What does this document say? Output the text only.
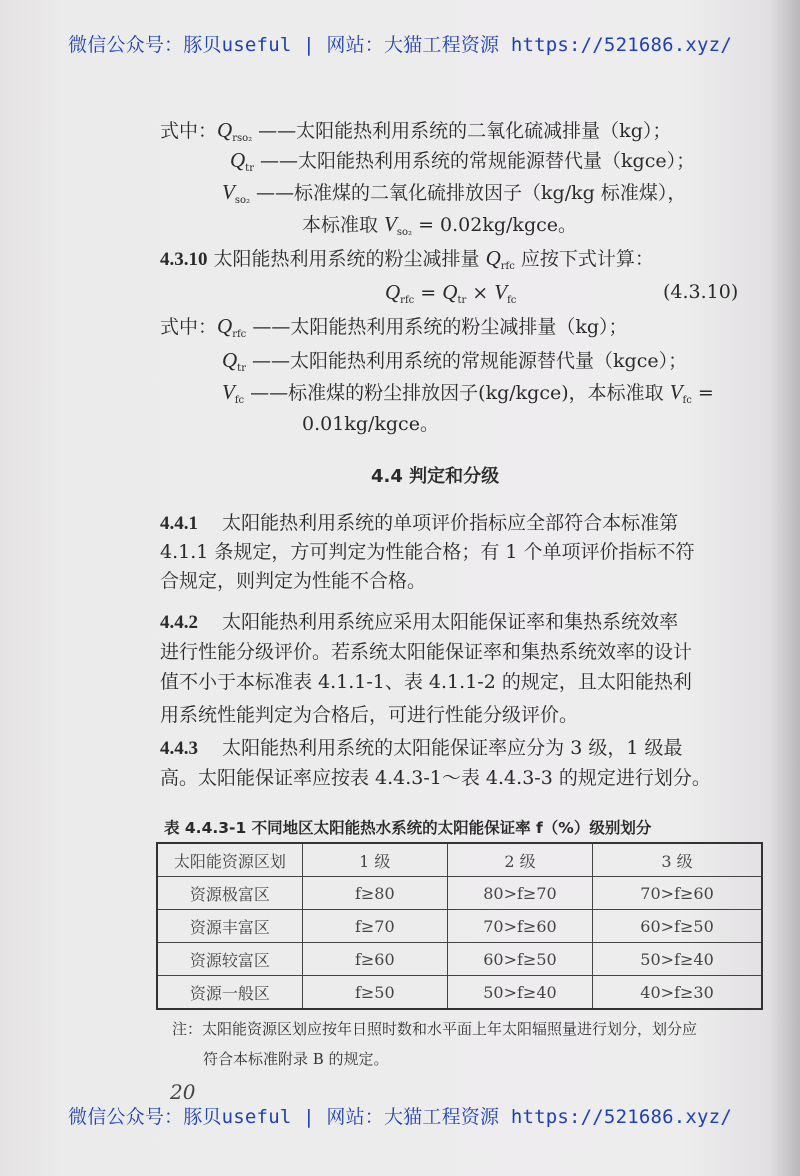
微信公众号：豚贝useful | 网站：大猫工程资源 https://521686.xyz/
式中：$Q_{rso_2}$ ——太阳能热利用系统的二氧化硫减排量（kg）；
$Q_{tr}$ ——太阳能热利用系统的常规能源替代量（kgce）；
$V_{so_2}$ ——标准煤的二氧化硫排放因子（kg/kg 标准煤），
本标准取 $V_{so_2}$ = 0.02kg/kgce。
4.3.10 太阳能热利用系统的粉尘减排量 $Q_{rfc}$ 应按下式计算：
$Q_{rfc} = Q_{tr} \times V_{fc}$	(4.3.10)
式中：$Q_{rfc}$ ——太阳能热利用系统的粉尘减排量（kg）；
$Q_{tr}$ ——太阳能热利用系统的常规能源替代量（kgce）；
$V_{fc}$ ——标准煤的粉尘排放因子(kg/kgce)，本标准取 $V_{fc}$ =
0.01kg/kgce。
4.4 判定和分级
4.4.1 太阳能热利用系统的单项评价指标应全部符合本标准第
4.1.1 条规定，方可判定为性能合格；有 1 个单项评价指标不符
合规定，则判定为性能不合格。
4.4.2 太阳能热利用系统应采用太阳能保证率和集热系统效率
进行性能分级评价。若系统太阳能保证率和集热系统效率的设计
值不小于本标准表 4.1.1-1、表 4.1.1-2 的规定，且太阳能热利
用系统性能判定为合格后，可进行性能分级评价。
4.4.3 太阳能热利用系统的太阳能保证率应分为 3 级，1 级最
高。太阳能保证率应按表 4.4.3-1～表 4.4.3-3 的规定进行划分。
表 4.4.3-1 不同地区太阳能热水系统的太阳能保证率 f（%）级别划分
太阳能资源区划	1 级	2 级	3 级
资源极富区	f≥80	80>f≥70	70>f≥60
资源丰富区	f≥70	70>f≥60	60>f≥50
资源较富区	f≥60	60>f≥50	50>f≥40
资源一般区	f≥50	50>f≥40	40>f≥30
注：太阳能资源区划应按年日照时数和水平面上年太阳辐照量进行划分，划分应
符合本标准附录 B 的规定。
20
微信公众号：豚贝useful | 网站：大猫工程资源 https://521686.xyz/
